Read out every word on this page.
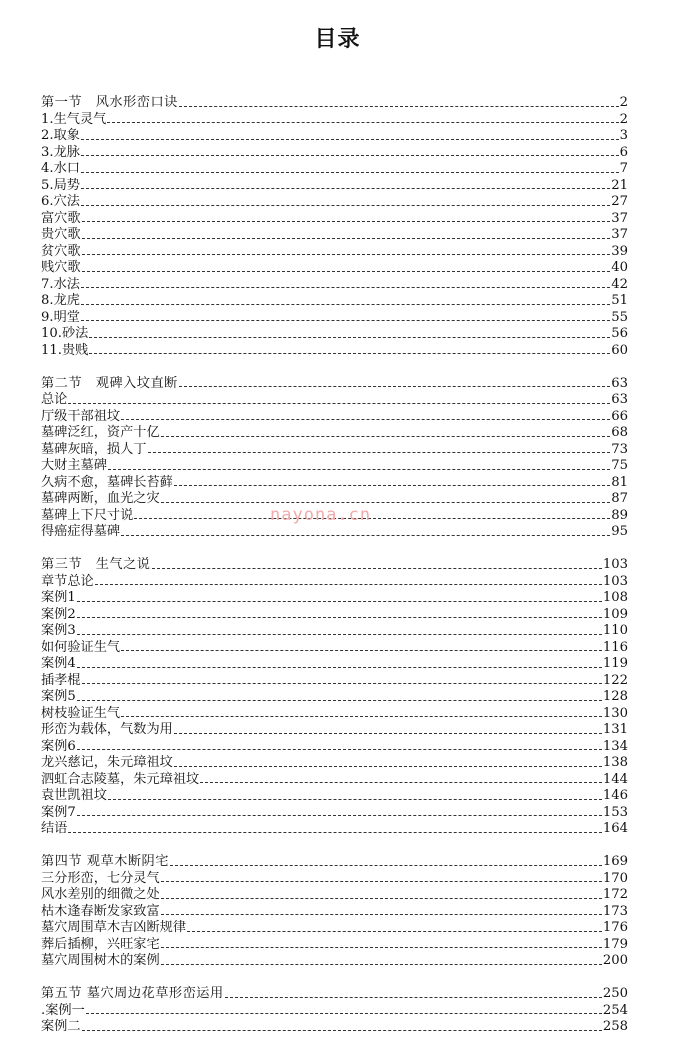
目录
第一节　风水形峦口诀	2
1.生气灵气	2
2.取象	3
3.龙脉	6
4.水口	7
5.局势	21
6.穴法	27
富穴歌	37
贵穴歌	37
贫穴歌	39
贱穴歌	40
7.水法	42
8.龙虎	51
9.明堂	55
10.砂法	56
11.贵贱	60
第二节　观碑入坟直断	63
总论	63
厅级干部祖坟	66
墓碑泛红，资产十亿	68
墓碑灰暗，损人丁	73
大财主墓碑	75
久病不愈，墓碑长苔藓	81
墓碑两断，血光之灾	87
墓碑上下尺寸说	89
得癌症得墓碑	95
第三节　生气之说	103
章节总论	103
案例1	108
案例2	109
案例3	110
如何验证生气	116
案例4	119
插孝棍	122
案例5	128
树枝验证生气	130
形峦为载体，气数为用	131
案例6	134
龙兴慈记，朱元璋祖坟	138
泗虹合志陵墓，朱元璋祖坟	144
袁世凯祖坟	146
案例7	153
结语	164
第四节 观草木断阴宅	169
三分形峦，七分灵气	170
风水差别的细微之处	172
枯木逢春断发家致富	173
墓穴周围草木吉凶断规律	176
葬后插柳，兴旺家宅	179
墓穴周围树木的案例	200
第五节 墓穴周边花草形峦运用	250
.案例一	254
案例二	258
nayona.cn
